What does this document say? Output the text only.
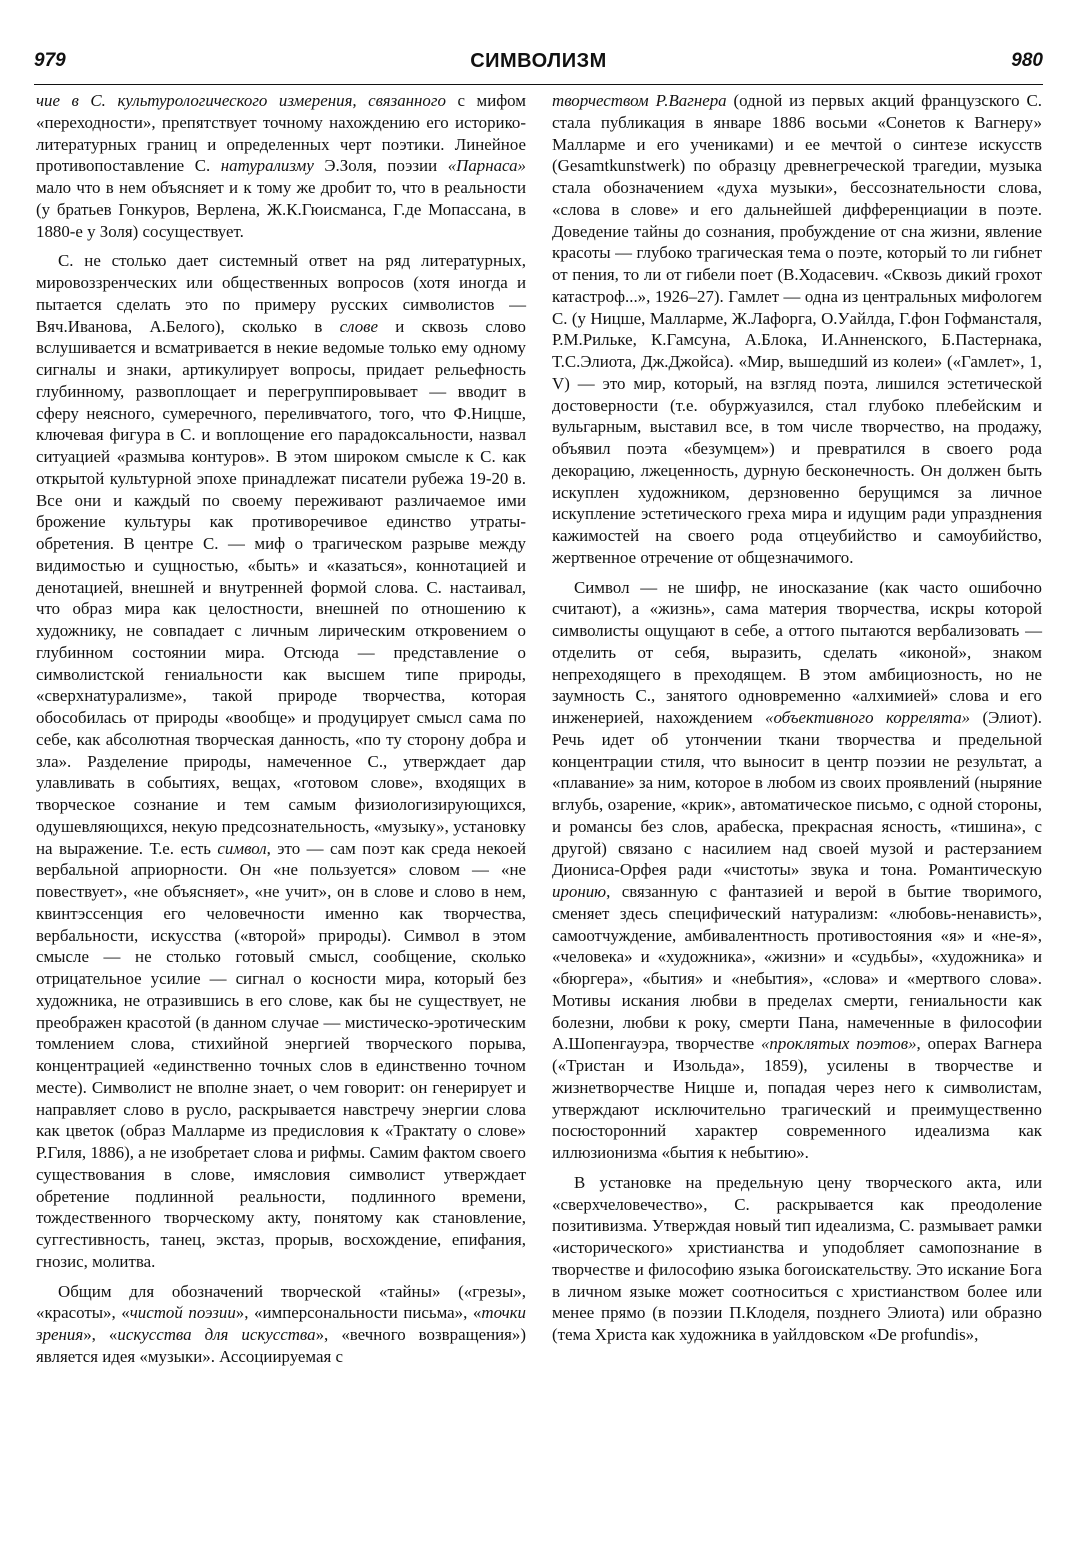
979	СИМВОЛИЗМ	980

чие в С. культурологического измерения, связанного с мифом «переходности», препятствует точному нахождению его историко-литературных границ и определенных черт поэтики. Линейное противопоставление С. натурализму Э.Золя, поэзии «Парнаса» мало что в нем объясняет и к тому же дробит то, что в реальности (у братьев Гонкуров, Верлена, Ж.К.Гюисманса, Г.де Мопассана, в 1880-е у Золя) сосуществует.

С. не столько дает системный ответ на ряд литературных, мировоззренческих или общественных вопросов (хотя иногда и пытается сделать это по примеру русских символистов — Вяч.Иванова, А.Белого), сколько в слове и сквозь слово вслушивается и всматривается в некие ведомые только ему одному сигналы и знаки, артикулирует вопросы, придает рельефность глубинному, развоплощает и перегруппировывает — вводит в сферу неясного, сумеречного, переливчатого, того, что Ф.Ницше, ключевая фигура в С. и воплощение его парадоксальности, назвал ситуацией «размыва контуров». В этом широком смысле к С. как открытой культурной эпохе принадлежат писатели рубежа 19-20 в. Все они и каждый по своему переживают различаемое ими брожение культуры как противоречивое единство утраты-обретения. В центре С. — миф о трагическом разрыве между видимостью и сущностью, «быть» и «казаться», коннотацией и денотацией, внешней и внутренней формой слова. С. настаивал, что образ мира как целостности, внешней по отношению к художнику, не совпадает с личным лирическим откровением о глубинном состоянии мира. Отсюда — представление о символистской гениальности как высшем типе природы, «сверхнатурализме», такой природе творчества, которая обособилась от природы «вообще» и продуцирует смысл сама по себе, как абсолютная творческая данность, «по ту сторону добра и зла». Разделение природы, намеченное С., утверждает дар улавливать в событиях, вещах, «готовом слове», входящих в творческое сознание и тем самым физиологизирующихся, одушевляющихся, некую предсознательность, «музыку», установку на выражение. Т.е. есть символ, это — сам поэт как среда некоей вербальной априорности. Он «не пользуется» словом — «не повествует», «не объясняет», «не учит», он в слове и слово в нем, квинтэссенция его человечности именно как творчества, вербальности, искусства («второй» природы). Символ в этом смысле — не столько готовый смысл, сообщение, сколько отрицательное усилие — сигнал о косности мира, который без художника, не отразившись в его слове, как бы не существует, не преображен красотой (в данном случае — мистическо-эротическим томлением слова, стихийной энергией творческого порыва, концентрацией «единственно точных слов в единственно точном месте). Символист не вполне знает, о чем говорит: он генерирует и направляет слово в русло, раскрывается навстречу энергии слова как цветок (образ Малларме из предисловия к «Трактату о слове» Р.Гиля, 1886), а не изобретает слова и рифмы. Самим фактом своего существования в слове, имясловия символист утверждает обретение подлинной реальности, подлинного времени, тождественного творческому акту, понятому как становление, суггестивность, танец, экстаз, прорыв, восхождение, епифания, гнозис, молитва.

Общим для обозначений творческой «тайны» («грезы», «красоты», «чистой поэзии», «имперсональности письма», «точки зрения», «искусства для искусства», «вечного возвращения») является идея «музыки». Ассоциируемая с

творчеством Р.Вагнера (одной из первых акций французского С. стала публикация в январе 1886 восьми «Сонетов к Вагнеру» Малларме и его учениками) и ее мечтой о синтезе искусств (Gesamtkunstwerk) по образцу древнегреческой трагедии, музыка стала обозначением «духа музыки», бессознательности слова, «слова в слове» и его дальнейшей дифференциации в поэте. Доведение тайны до сознания, пробуждение от сна жизни, явление красоты — глубоко трагическая тема о поэте, который то ли гибнет от пения, то ли от гибели поет (В.Ходасевич. «Сквозь дикий грохот катастроф...», 1926–27). Гамлет — одна из центральных мифологем С. (у Ницше, Малларме, Ж.Лафорга, О.Уайлда, Г.фон Гофмансталя, Р.М.Рильке, К.Гамсуна, А.Блока, И.Анненского, Б.Пастернака, Т.С.Элиота, Дж.Джойса). «Мир, вышедший из колеи» («Гамлет», 1, V) — это мир, который, на взгляд поэта, лишился эстетической достоверности (т.е. обуржуазился, стал глубоко плебейским и вульгарным, выставил все, в том числе творчество, на продажу, объявил поэта «безумцем») и превратился в своего рода декорацию, лжеценность, дурную бесконечность. Он должен быть искуплен художником, дерзновенно берущимся за личное искупление эстетического греха мира и идущим ради упразднения кажимостей на своего рода отцеубийство и самоубийство, жертвенное отречение от общезначимого.

Символ — не шифр, не иносказание (как часто ошибочно считают), а «жизнь», сама материя творчества, искры которой символисты ощущают в себе, а оттого пытаются вербализовать — отделить от себя, выразить, сделать «иконой», знаком непреходящего в преходящем. В этом амбициозность, но не заумность С., занятого одновременно «алхимией» слова и его инженерией, нахождением «объективного коррелята» (Элиот). Речь идет об утончении ткани творчества и предельной концентрации стиля, что выносит в центр поэзии не результат, а «плавание» за ним, которое в любом из своих проявлений (ныряние вглубь, озарение, «крик», автоматическое письмо, с одной стороны, и романсы без слов, арабеска, прекрасная ясность, «тишина», с другой) связано с насилием над своей музой и растерзанием Диониса-Орфея ради «чистоты» звука и тона. Романтическую иронию, связанную с фантазией и верой в бытие творимого, сменяет здесь специфический натурализм: «любовь-ненависть», самоотчуждение, амбивалентность противостояния «я» и «не-я», «человека» и «художника», «жизни» и «судьбы», «художника» и «бюргера», «бытия» и «небытия», «слова» и «мертвого слова». Мотивы искания любви в пределах смерти, гениальности как болезни, любви к року, смерти Пана, намеченные в философии А.Шопенгауэра, творчестве «проклятых поэтов», операх Вагнера («Тристан и Изольда», 1859), усилены в творчестве и жизнетворчестве Ницше и, попадая через него к символистам, утверждают исключительно трагический и преимущественно посюсторонний характер современного идеализма как иллюзионизма «бытия к небытию».

В установке на предельную цену творческого акта, или «сверхчеловечество», С. раскрывается как преодоление позитивизма. Утверждая новый тип идеализма, С. размывает рамки «исторического» христианства и уподобляет самопознание в творчестве и философию языка богоискательству. Это искание Бога в личном языке может соотноситься с христианством более или менее прямо (в поэзии П.Клоделя, позднего Элиота) или образно (тема Христа как художника в уайлдовском «De profundis»,
